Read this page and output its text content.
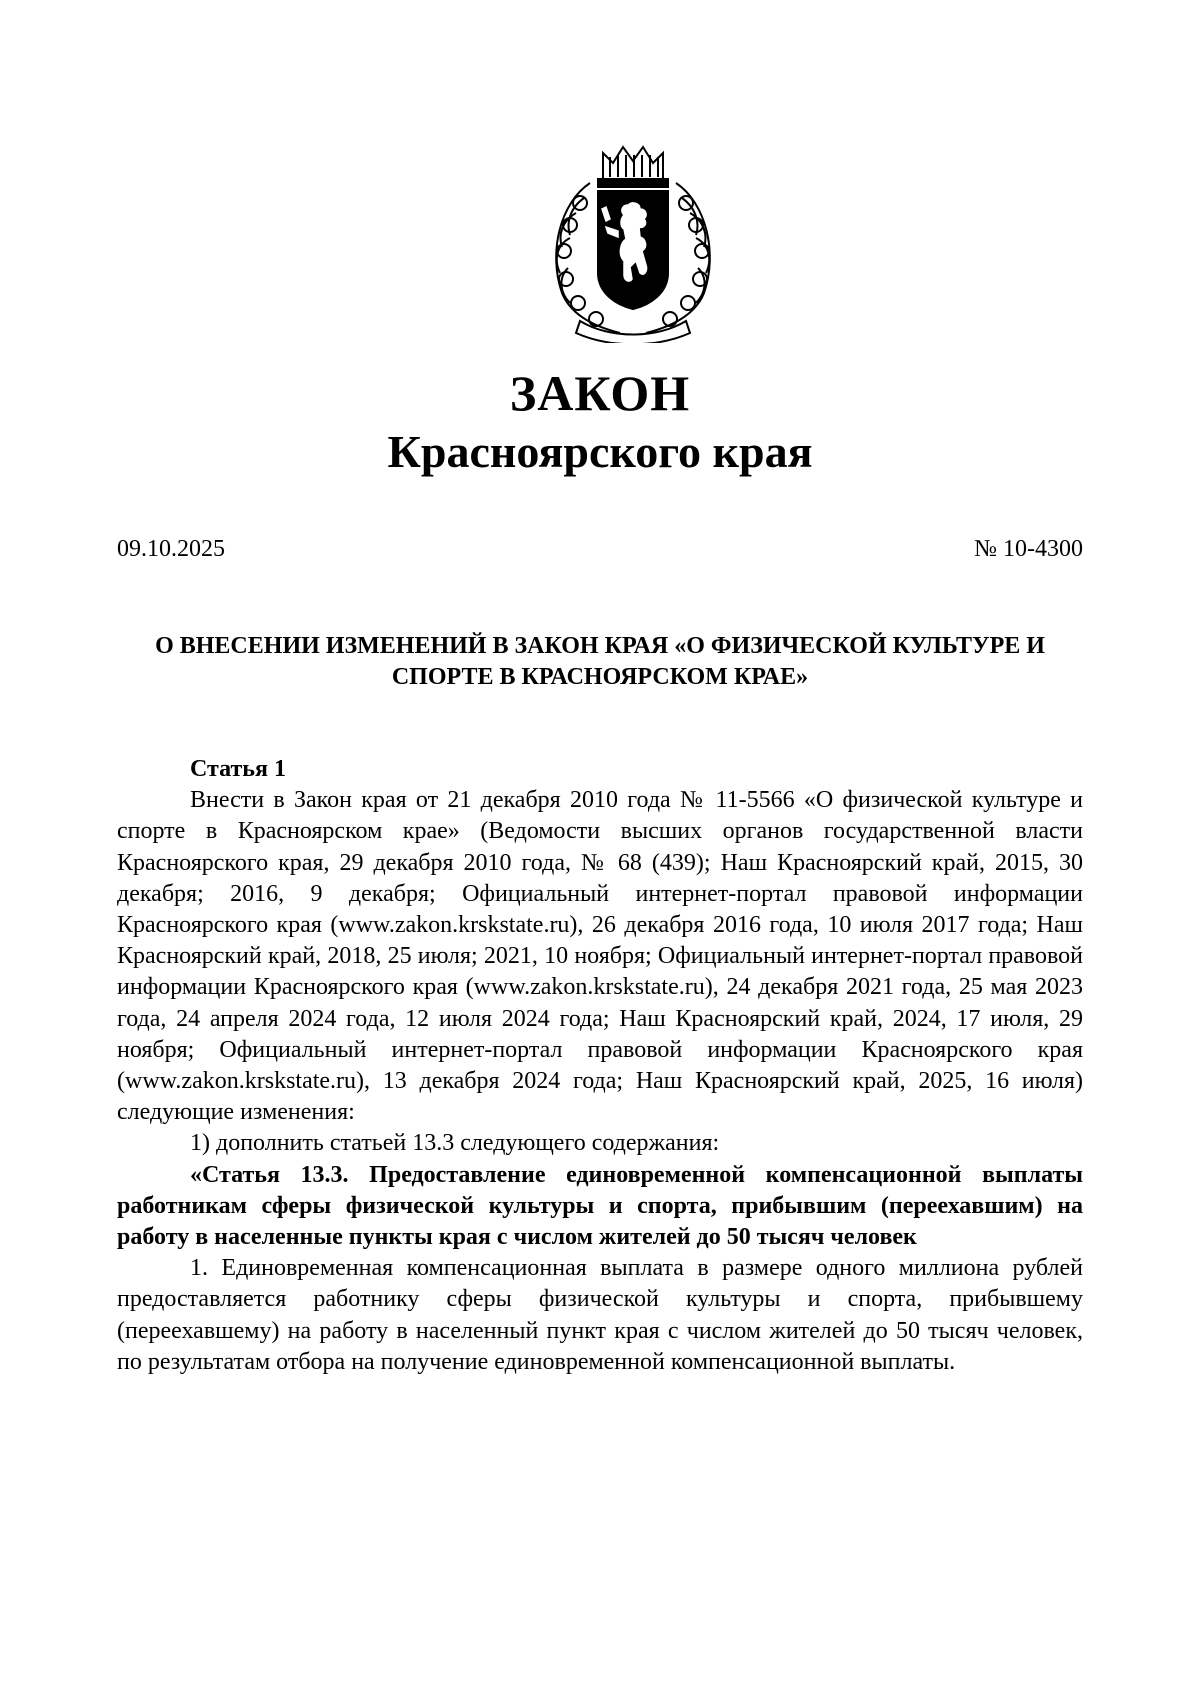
ЗАКОН
Красноярского края
09.10.2025	№ 10-4300
О ВНЕСЕНИИ ИЗМЕНЕНИЙ В ЗАКОН КРАЯ «О ФИЗИЧЕСКОЙ КУЛЬТУРЕ И СПОРТЕ В КРАСНОЯРСКОМ КРАЕ»

Статья 1

Внести в Закон края от 21 декабря 2010 года № 11-5566 «О физической культуре и спорте в Красноярском крае» (Ведомости высших органов государственной власти Красноярского края, 29 декабря 2010 года, № 68 (439); Наш Красноярский край, 2015, 30 декабря; 2016, 9 декабря; Официальный интернет-портал правовой информации Красноярского края (www.zakon.krskstate.ru), 26 декабря 2016 года, 10 июля 2017 года; Наш Красноярский край, 2018, 25 июля; 2021, 10 ноября; Официальный интернет-портал правовой информации Красноярского края (www.zakon.krskstate.ru), 24 декабря 2021 года, 25 мая 2023 года, 24 апреля 2024 года, 12 июля 2024 года; Наш Красноярский край, 2024, 17 июля, 29 ноября; Официальный интернет-портал правовой информации Красноярского края (www.zakon.krskstate.ru), 13 декабря 2024 года; Наш Красноярский край, 2025, 16 июля) следующие изменения:

1) дополнить статьей 13.3 следующего содержания:

«Статья 13.3. Предоставление единовременной компенсационной выплаты работникам сферы физической культуры и спорта, прибывшим (переехавшим) на работу в населенные пункты края с числом жителей до 50 тысяч человек

1. Единовременная компенсационная выплата в размере одного миллиона рублей предоставляется работнику сферы физической культуры и спорта, прибывшему (переехавшему) на работу в населенный пункт края с числом жителей до 50 тысяч человек, по результатам отбора на получение единовременной компенсационной выплаты.
